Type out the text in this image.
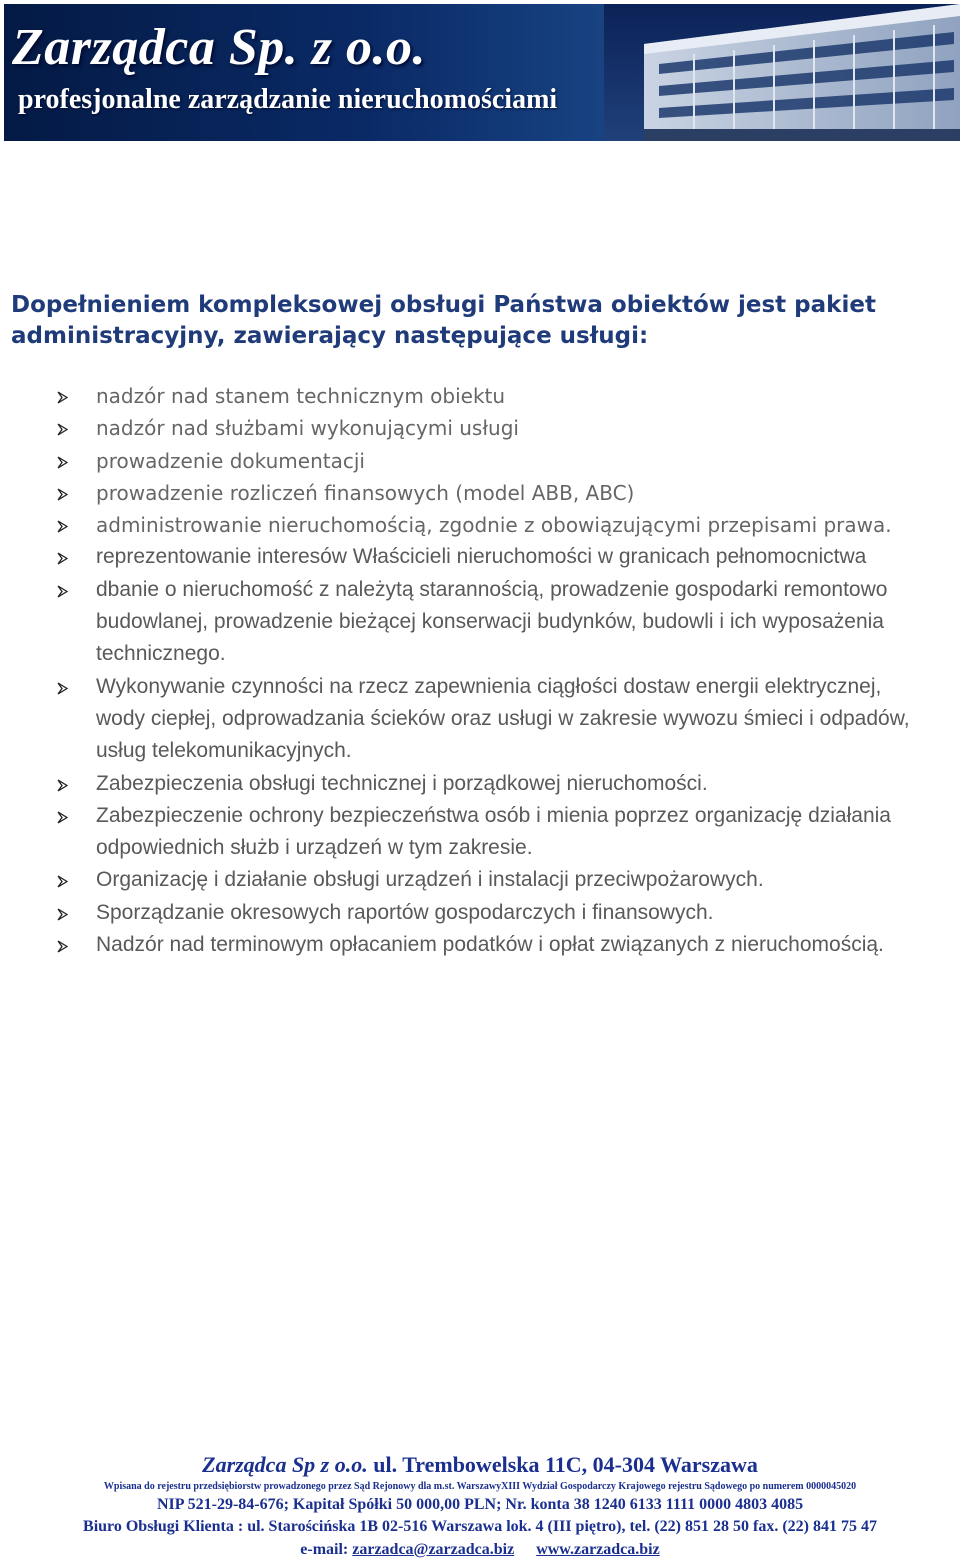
Zarządca Sp. z o.o.

profesjonalne zarządzanie nieruchomościami

Dopełnieniem kompleksowej obsługi Państwa obiektów jest pakiet administracyjny, zawierający następujące usługi:
nadzór nad stanem technicznym obiektu
nadzór nad służbami wykonującymi usługi
prowadzenie dokumentacji
prowadzenie rozliczeń finansowych (model ABB, ABC)
administrowanie nieruchomością, zgodnie z obowiązującymi przepisami prawa.
reprezentowanie interesów Właścicieli nieruchomości w granicach pełnomocnictwa
dbanie o nieruchomość z należytą starannością, prowadzenie gospodarki remontowo budowlanej, prowadzenie bieżącej konserwacji budynków, budowli i ich wyposażenia technicznego.
Wykonywanie czynności na rzecz zapewnienia ciągłości dostaw energii elektrycznej, wody ciepłej, odprowadzania ścieków oraz usługi w zakresie wywozu śmieci i odpadów, usług telekomunikacyjnych.
Zabezpieczenia obsługi technicznej i porządkowej nieruchomości.
Zabezpieczenie ochrony bezpieczeństwa osób i mienia poprzez organizację działania odpowiednich służb i urządzeń w tym zakresie.
Organizację i działanie obsługi urządzeń i instalacji przeciwpożarowych.
Sporządzanie okresowych raportów gospodarczych i finansowych.
Nadzór nad terminowym opłacaniem podatków i opłat związanych z nieruchomością.

Zarządca Sp z o.o. ul. Trembowelska 11C, 04-304 Warszawa

Wpisana do rejestru przedsiębiorstw prowadzonego przez Sąd Rejonowy dla m.st. WarszawyXIII Wydział Gospodarczy Krajowego rejestru Sądowego po numerem 0000045020

NIP 521-29-84-676; Kapitał Spółki 50 000,00 PLN; Nr. konta 38 1240 6133 1111 0000 4803 4085

Biuro Obsługi Klienta : ul. Starościńska 1B 02-516 Warszawa lok. 4 (III piętro), tel. (22) 851 28 50 fax. (22) 841 75 47

e-mail: zarzadca@zarzadca.biz www.zarzadca.biz
